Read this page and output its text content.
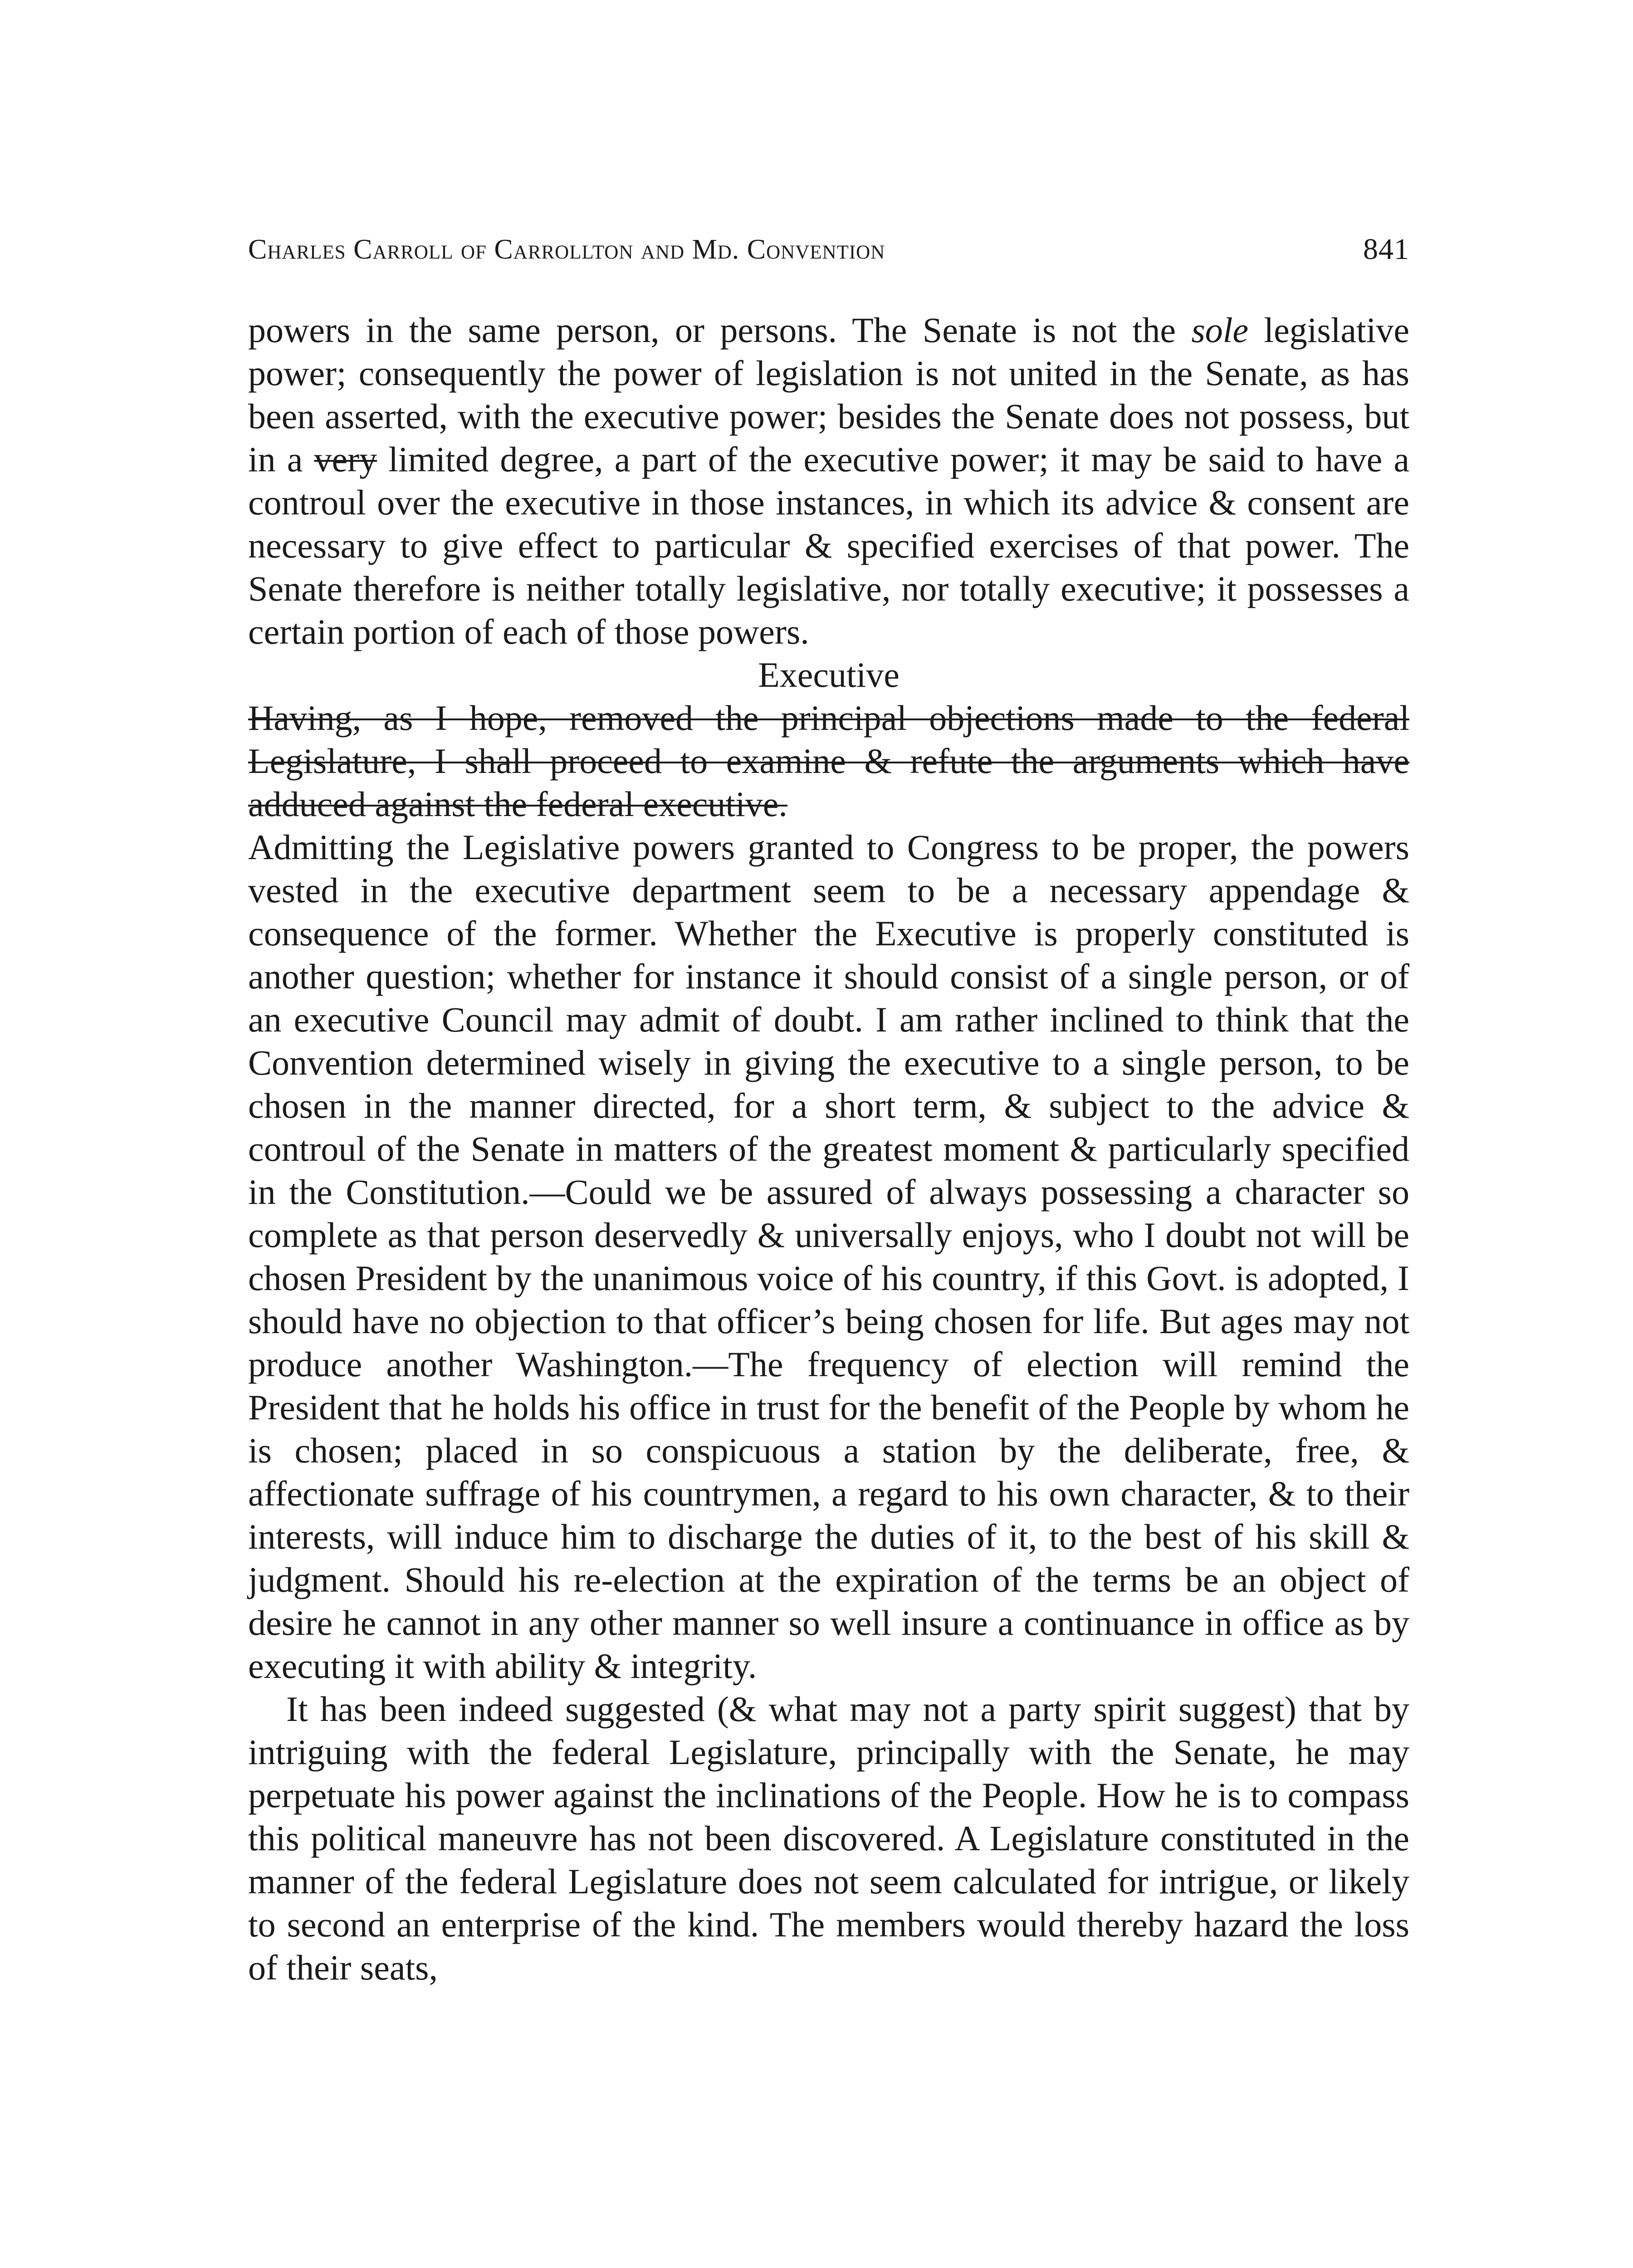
Charles Carroll of Carrollton and Md. Convention	841

powers in the same person, or persons. The Senate is not the sole legislative power; consequently the power of legislation is not united in the Senate, as has been asserted, with the executive power; besides the Senate does not possess, but in a very limited degree, a part of the executive power; it may be said to have a controul over the executive in those instances, in which its advice & consent are necessary to give effect to particular & specified exercises of that power. The Senate therefore is neither totally legislative, nor totally executive; it possesses a certain portion of each of those powers.

Executive

Having, as I hope, removed the principal objections made to the federal Legislature, I shall proceed to examine & refute the arguments which have adduced against the federal executive.

Admitting the Legislative powers granted to Congress to be proper, the powers vested in the executive department seem to be a necessary appendage & consequence of the former. Whether the Executive is properly constituted is another question; whether for instance it should consist of a single person, or of an executive Council may admit of doubt. I am rather inclined to think that the Convention determined wisely in giving the executive to a single person, to be chosen in the manner directed, for a short term, & subject to the advice & controul of the Senate in matters of the greatest moment & particularly specified in the Constitution.—Could we be assured of always possessing a character so complete as that person deservedly & universally enjoys, who I doubt not will be chosen President by the unanimous voice of his country, if this Govt. is adopted, I should have no objection to that officer’s being chosen for life. But ages may not produce another Washington.—The frequency of election will remind the President that he holds his office in trust for the benefit of the People by whom he is chosen; placed in so conspicuous a station by the deliberate, free, & affectionate suffrage of his countrymen, a regard to his own character, & to their interests, will induce him to discharge the duties of it, to the best of his skill & judgment. Should his re-election at the expiration of the terms be an object of desire he cannot in any other manner so well insure a continuance in office as by executing it with ability & integrity.

It has been indeed suggested (& what may not a party spirit suggest) that by intriguing with the federal Legislature, principally with the Senate, he may perpetuate his power against the inclinations of the People. How he is to compass this political maneuvre has not been discovered. A Legislature constituted in the manner of the federal Legislature does not seem calculated for intrigue, or likely to second an enterprise of the kind. The members would thereby hazard the loss of their seats,
